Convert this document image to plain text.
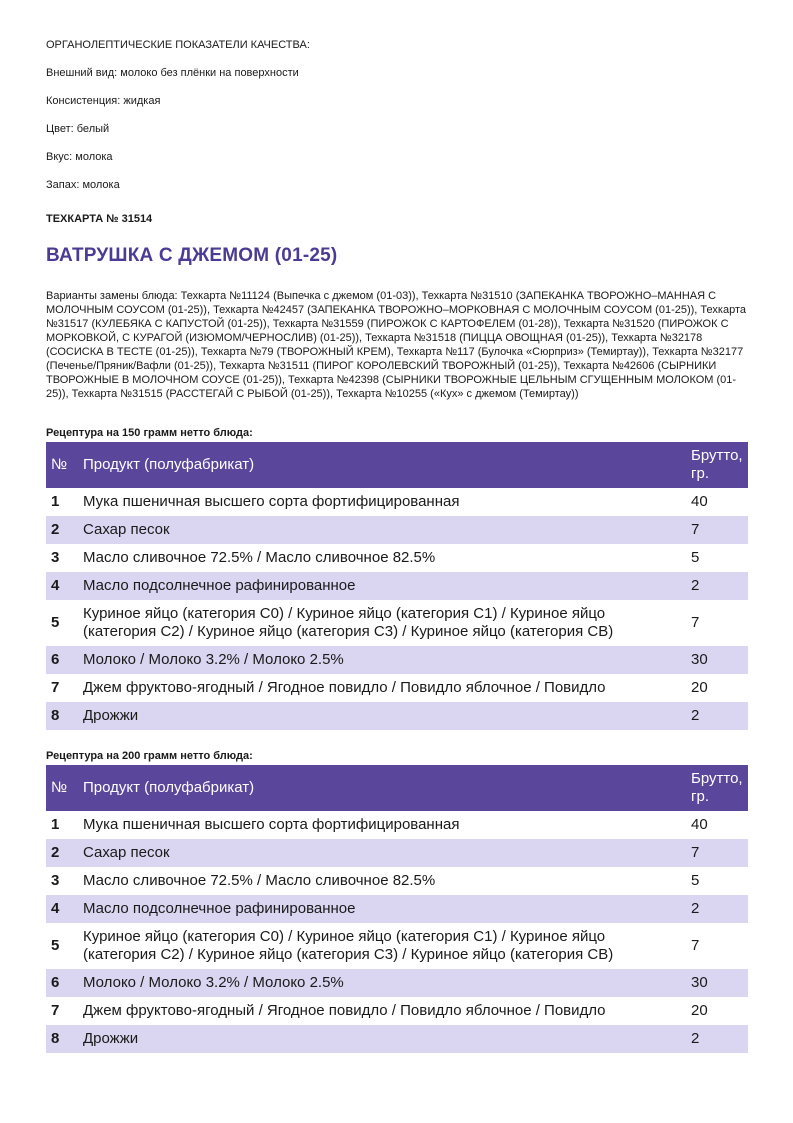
ОРГАНОЛЕПТИЧЕСКИЕ ПОКАЗАТЕЛИ КАЧЕСТВА:
Внешний вид: молоко без плёнки на поверхности
Консистенция: жидкая
Цвет: белый
Вкус: молока
Запах: молока
ТЕХКАРТА № 31514
ВАТРУШКА С ДЖЕМОМ (01-25)
Варианты замены блюда: Техкарта №11124 (Выпечка с джемом (01-03)), Техкарта №31510 (ЗАПЕКАНКА ТВОРОЖНО–МАННАЯ С МОЛОЧНЫМ СОУСОМ (01-25)), Техкарта №42457 (ЗАПЕКАНКА ТВОРОЖНО–МОРКОВНАЯ С МОЛОЧНЫМ СОУСОМ (01-25)), Техкарта №31517 (КУЛЕБЯКА С КАПУСТОЙ (01-25)), Техкарта №31559 (ПИРОЖОК С КАРТОФЕЛЕМ (01-28)), Техкарта №31520 (ПИРОЖОК С МОРКОВКОЙ, С КУРАГОЙ (ИЗЮМОМ/ЧЕРНОСЛИВ) (01-25)), Техкарта №31518 (ПИЦЦА ОВОЩНАЯ (01-25)), Техкарта №32178 (СОСИСКА В ТЕСТЕ (01-25)), Техкарта №79 (ТВОРОЖНЫЙ КРЕМ), Техкарта №117 (Булочка «Сюрприз» (Темиртау)), Техкарта №32177 (Печенье/Пряник/Вафли (01-25)), Техкарта №31511 (ПИРОГ КОРОЛЕВСКИЙ ТВОРОЖНЫЙ (01-25)), Техкарта №42606 (СЫРНИКИ ТВОРОЖНЫЕ В МОЛОЧНОМ СОУСЕ (01-25)), Техкарта №42398 (СЫРНИКИ ТВОРОЖНЫЕ ЦЕЛЬНЫМ СГУЩЕННЫМ МОЛОКОМ (01-25)), Техкарта №31515 (РАССТЕГАЙ С РЫБОЙ (01-25)), Техкарта №10255 («Кух» с джемом (Темиртау))
Рецептура на 150 грамм нетто блюда:
№	Продукт (полуфабрикат)	Брутто, гр.
1	Мука пшеничная высшего сорта фортифицированная	40
2	Сахар песок	7
3	Масло сливочное 72.5% / Масло сливочное 82.5%	5
4	Масло подсолнечное рафинированное	2
5	Куриное яйцо (категория С0) / Куриное яйцо (категория С1) / Куриное яйцо (категория С2) / Куриное яйцо (категория С3) / Куриное яйцо (категория СВ)	7
6	Молоко / Молоко 3.2% / Молоко 2.5%	30
7	Джем фруктово-ягодный / Ягодное повидло / Повидло яблочное / Повидло	20
8	Дрожжи	2
Рецептура на 200 грамм нетто блюда:
№	Продукт (полуфабрикат)	Брутто, гр.
1	Мука пшеничная высшего сорта фортифицированная	40
2	Сахар песок	7
3	Масло сливочное 72.5% / Масло сливочное 82.5%	5
4	Масло подсолнечное рафинированное	2
5	Куриное яйцо (категория С0) / Куриное яйцо (категория С1) / Куриное яйцо (категория С2) / Куриное яйцо (категория С3) / Куриное яйцо (категория СВ)	7
6	Молоко / Молоко 3.2% / Молоко 2.5%	30
7	Джем фруктово-ягодный / Ягодное повидло / Повидло яблочное / Повидло	20
8	Дрожжи	2
